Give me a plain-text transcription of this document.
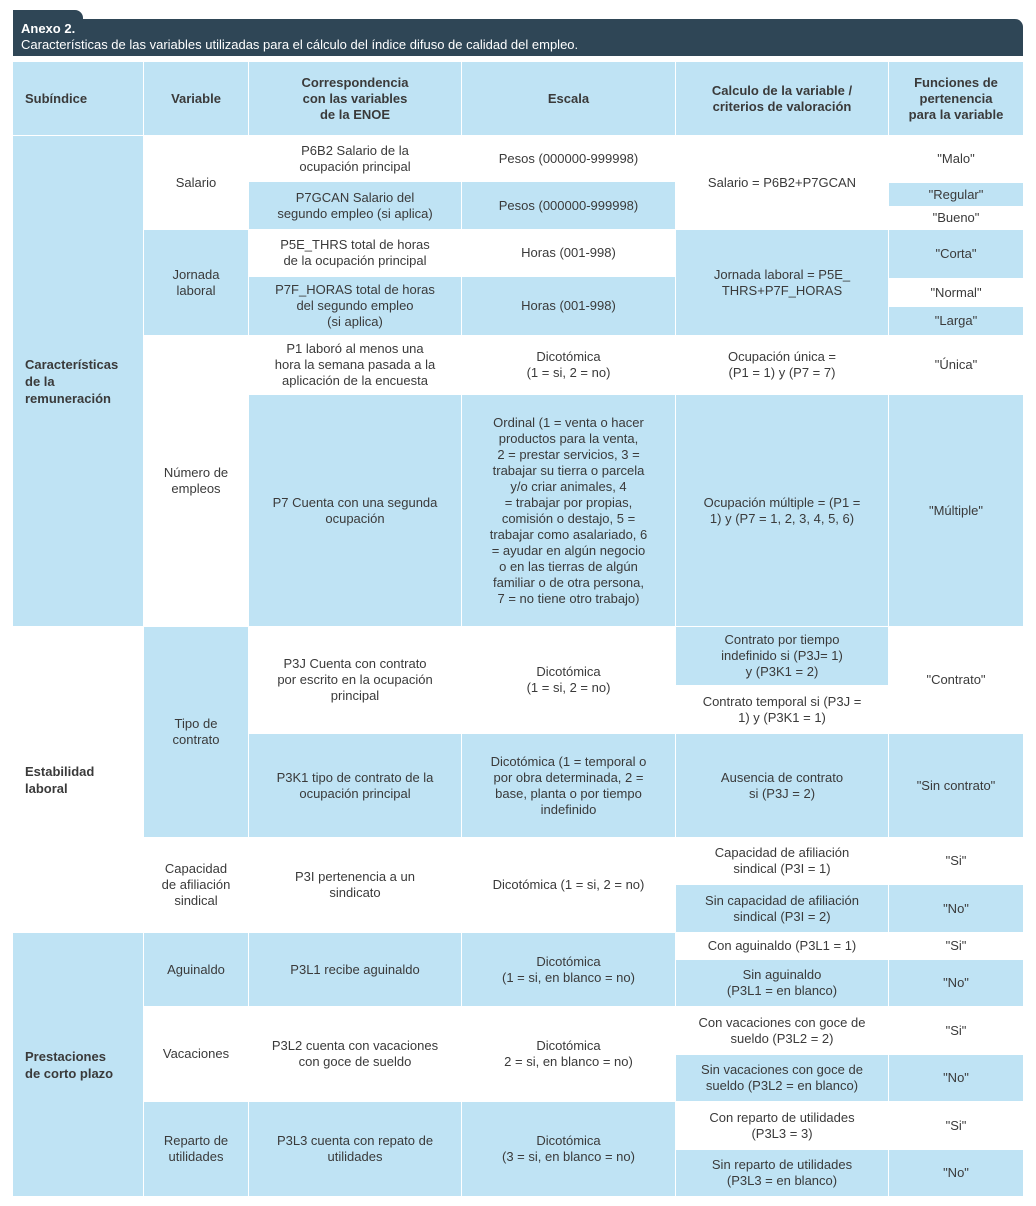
Anexo 2.
Características de las variables utilizadas para el cálculo del índice difuso de calidad del empleo.
Subíndice	Variable
Correspondencia
con las variables
de la ENOE
Escala
Calculo de la variable /
criterios de valoración
Funciones de
pertenencia
para la variable
Características
de la
remuneración
Estabilidad
laboral
Prestaciones
de corto plazo
Salario
Jornada
laboral
Número de
empleos
Tipo de
contrato
Capacidad
de afiliación
sindical
Aguinaldo
Vacaciones
Reparto de
utilidades
P6B2 Salario de la
ocupación principal
P7GCAN Salario del
segundo empleo (si aplica)
P5E_THRS total de horas
de la ocupación principal
P7F_HORAS total de horas
del segundo empleo
(si aplica)
P1 laboró al menos una
hora la semana pasada a la
aplicación de la encuesta
P7 Cuenta con una segunda
ocupación
P3J Cuenta con contrato
por escrito en la ocupación
principal
P3K1 tipo de contrato de la
ocupación principal
P3I pertenencia a un
sindicato
P3L1 recibe aguinaldo
P3L2 cuenta con vacaciones
con goce de sueldo
P3L3 cuenta con repato de
utilidades
Pesos (000000-999998)
Pesos (000000-999998)
Horas (001-998)
Horas (001-998)
Dicotómica
(1 = si, 2 = no)
Ordinal (1 = venta o hacer
productos para la venta,
2 = prestar servicios, 3 =
trabajar su tierra o parcela
y/o criar animales, 4
= trabajar por propias,
comisión o destajo, 5 =
trabajar como asalariado, 6
= ayudar en algún negocio
o en las tierras de algún
familiar o de otra persona,
7 = no tiene otro trabajo)
Dicotómica
(1 = si, 2 = no)
Dicotómica (1 = temporal o
por obra determinada, 2 =
base, planta o por tiempo
indefinido
Dicotómica (1 = si, 2 = no)
Dicotómica
(1 = si, en blanco = no)
Dicotómica
2 = si, en blanco = no)
Dicotómica
(3 = si, en blanco = no)
Salario = P6B2+P7GCAN
Jornada laboral = P5E_
THRS+P7F_HORAS
Ocupación única =
(P1 = 1) y (P7 = 7)
Ocupación múltiple = (P1 =
1) y (P7 = 1, 2, 3, 4, 5, 6)
Contrato por tiempo
indefinido si (P3J= 1)
y (P3K1 = 2)
Contrato temporal si (P3J =
1) y (P3K1 = 1)
Ausencia de contrato
si (P3J = 2)
Capacidad de afiliación
sindical (P3I = 1)
Sin capacidad de afiliación
sindical (P3I = 2)
Con aguinaldo (P3L1 = 1)
Sin aguinaldo
(P3L1 = en blanco)
Con vacaciones con goce de
sueldo (P3L2 = 2)
Sin vacaciones con goce de
sueldo (P3L2 = en blanco)
Con reparto de utilidades
(P3L3 = 3)
Sin reparto de utilidades
(P3L3 = en blanco)
"Malo"
"Regular"
"Bueno"
"Corta"
"Normal"
"Larga"
"Única"
"Múltiple"
"Contrato"
"Sin contrato"
"Si"
"No"
"Si"
"No"
"Si"
"No"
"Si"
"No"
